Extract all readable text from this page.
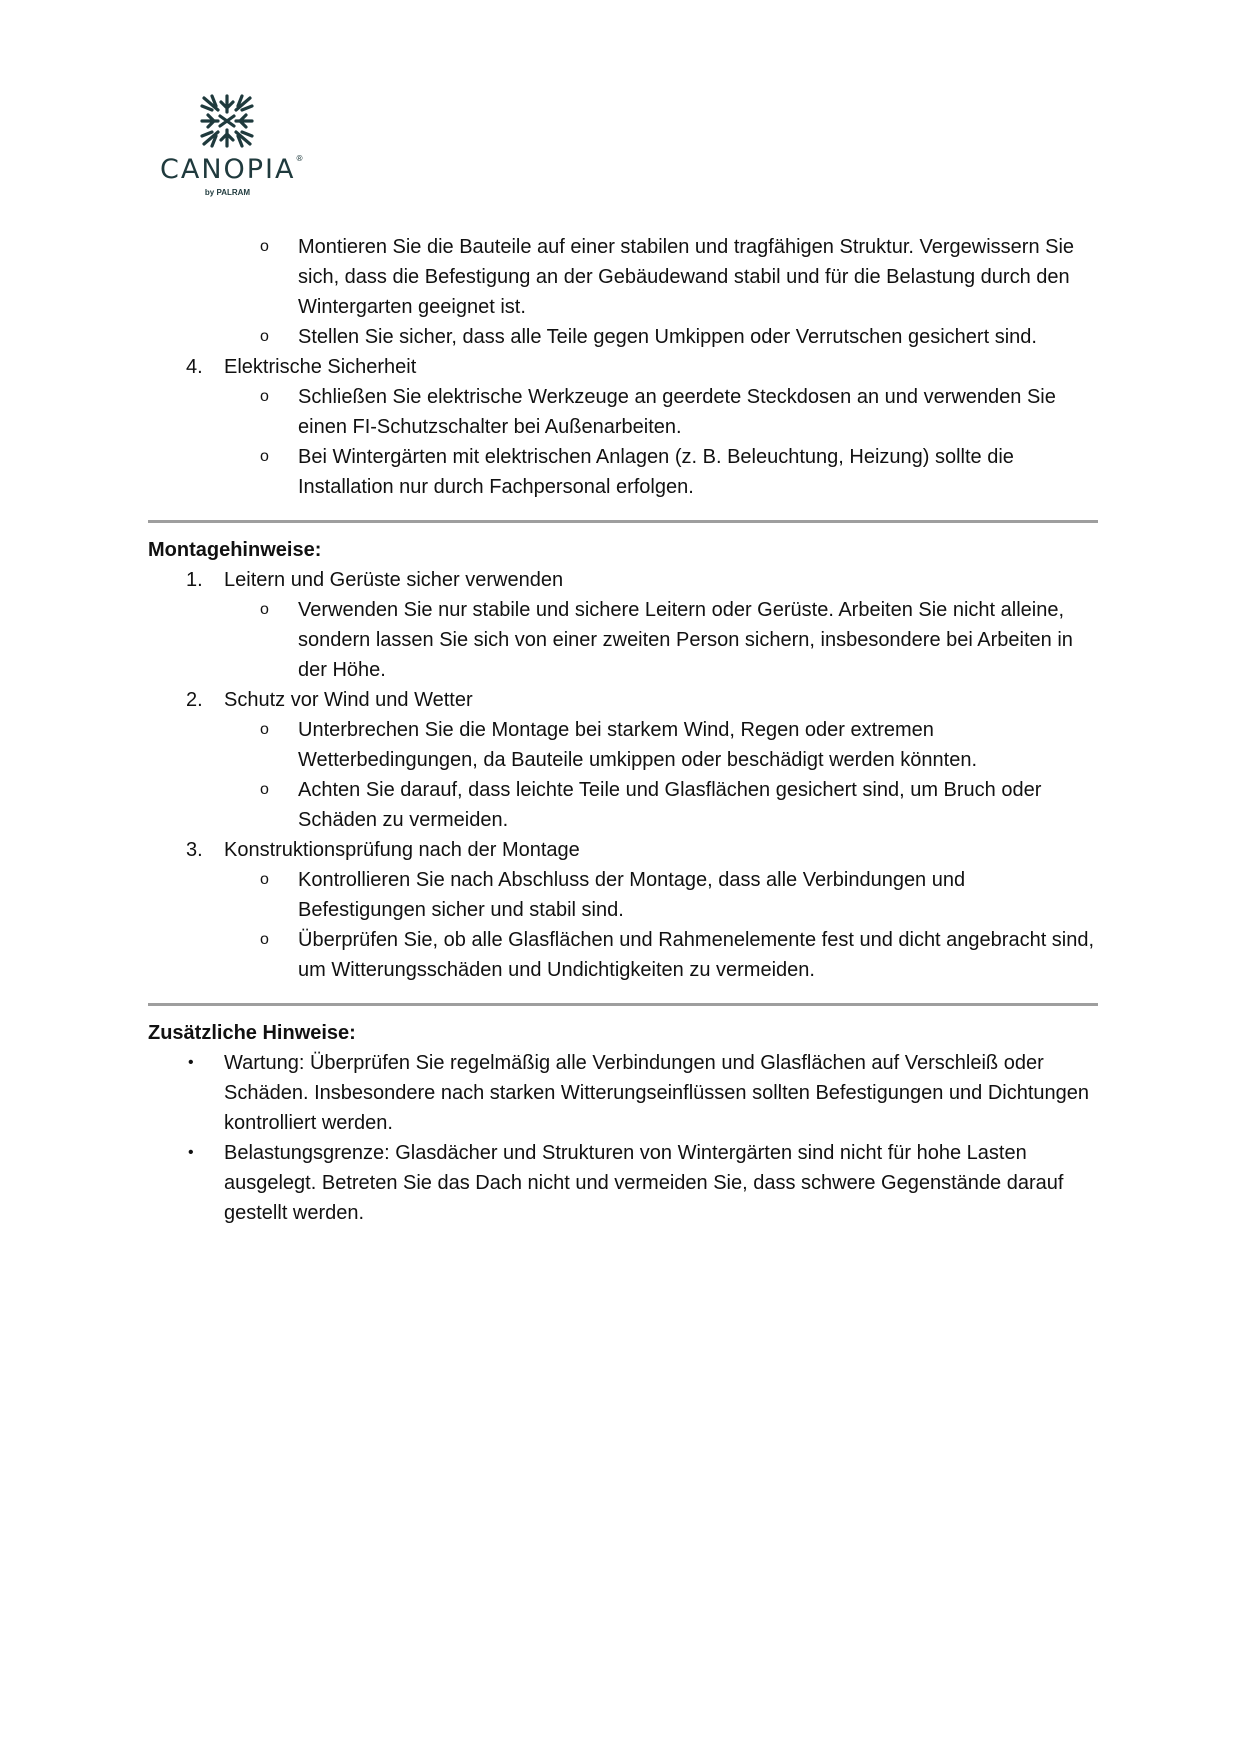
CANOPIA®
by PALRAM
o Montieren Sie die Bauteile auf einer stabilen und tragfähigen Struktur. Vergewissern Sie sich, dass die Befestigung an der Gebäudewand stabil und für die Belastung durch den Wintergarten geeignet ist.
o Stellen Sie sicher, dass alle Teile gegen Umkippen oder Verrutschen gesichert sind.
4. Elektrische Sicherheit
o Schließen Sie elektrische Werkzeuge an geerdete Steckdosen an und verwenden Sie einen FI-Schutzschalter bei Außenarbeiten.
o Bei Wintergärten mit elektrischen Anlagen (z. B. Beleuchtung, Heizung) sollte die Installation nur durch Fachpersonal erfolgen.
Montagehinweise:
1. Leitern und Gerüste sicher verwenden
o Verwenden Sie nur stabile und sichere Leitern oder Gerüste. Arbeiten Sie nicht alleine, sondern lassen Sie sich von einer zweiten Person sichern, insbesondere bei Arbeiten in der Höhe.
2. Schutz vor Wind und Wetter
o Unterbrechen Sie die Montage bei starkem Wind, Regen oder extremen Wetterbedingungen, da Bauteile umkippen oder beschädigt werden könnten.
o Achten Sie darauf, dass leichte Teile und Glasflächen gesichert sind, um Bruch oder Schäden zu vermeiden.
3. Konstruktionsprüfung nach der Montage
o Kontrollieren Sie nach Abschluss der Montage, dass alle Verbindungen und Befestigungen sicher und stabil sind.
o Überprüfen Sie, ob alle Glasflächen und Rahmenelemente fest und dicht angebracht sind, um Witterungsschäden und Undichtigkeiten zu vermeiden.
Zusätzliche Hinweise:
• Wartung: Überprüfen Sie regelmäßig alle Verbindungen und Glasflächen auf Verschleiß oder Schäden. Insbesondere nach starken Witterungseinflüssen sollten Befestigungen und Dichtungen kontrolliert werden.
• Belastungsgrenze: Glasdächer und Strukturen von Wintergärten sind nicht für hohe Lasten ausgelegt. Betreten Sie das Dach nicht und vermeiden Sie, dass schwere Gegenstände darauf gestellt werden.
